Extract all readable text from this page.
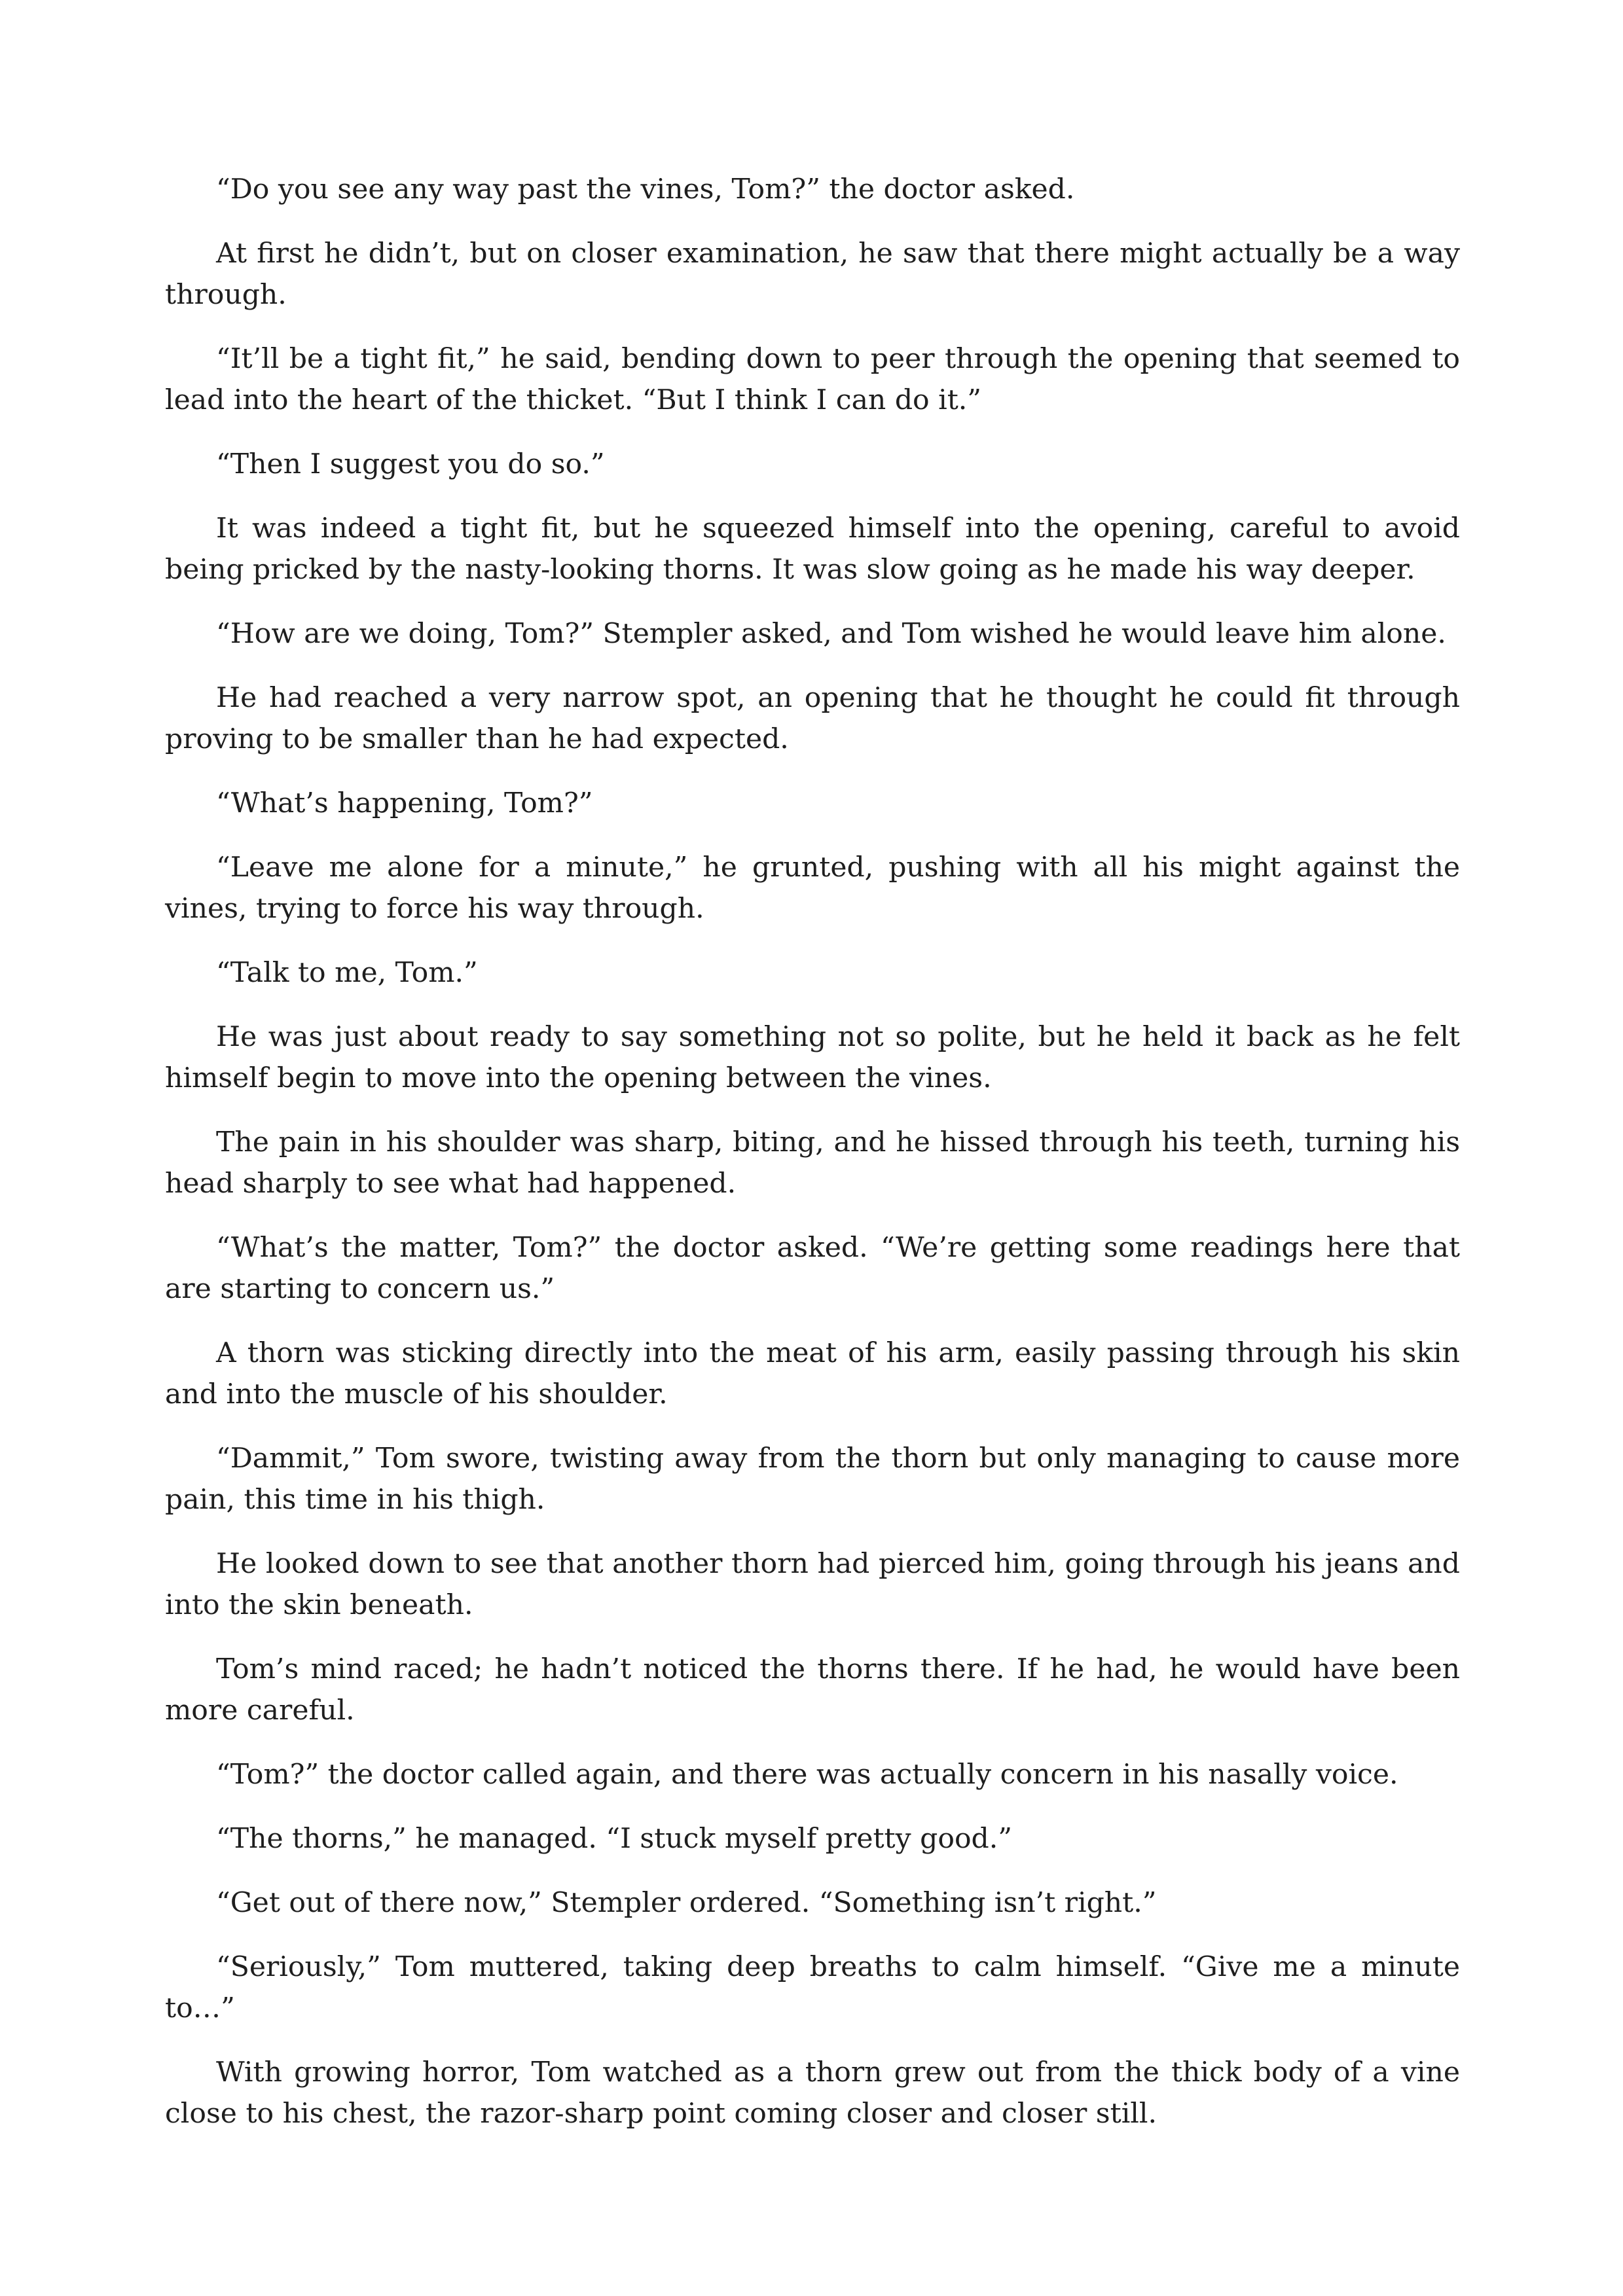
“Do you see any way past the vines, Tom?” the doctor asked.

At first he didn’t, but on closer examination, he saw that there might actually be a way through.

“It’ll be a tight fit,” he said, bending down to peer through the opening that seemed to lead into the heart of the thicket. “But I think I can do it.”

“Then I suggest you do so.”

It was indeed a tight fit, but he squeezed himself into the opening, careful to avoid being pricked by the nasty-looking thorns. It was slow going as he made his way deeper.

“How are we doing, Tom?” Stempler asked, and Tom wished he would leave him alone.

He had reached a very narrow spot, an opening that he thought he could fit through proving to be smaller than he had expected.

“What’s happening, Tom?”

“Leave me alone for a minute,” he grunted, pushing with all his might against the vines, trying to force his way through.

“Talk to me, Tom.”

He was just about ready to say something not so polite, but he held it back as he felt himself begin to move into the opening between the vines.

The pain in his shoulder was sharp, biting, and he hissed through his teeth, turning his head sharply to see what had happened.

“What’s the matter, Tom?” the doctor asked. “We’re getting some readings here that are starting to concern us.”

A thorn was sticking directly into the meat of his arm, easily passing through his skin and into the muscle of his shoulder.

“Dammit,” Tom swore, twisting away from the thorn but only managing to cause more pain, this time in his thigh.

He looked down to see that another thorn had pierced him, going through his jeans and into the skin beneath.

Tom’s mind raced; he hadn’t noticed the thorns there. If he had, he would have been more careful.

“Tom?” the doctor called again, and there was actually concern in his nasally voice.

“The thorns,” he managed. “I stuck myself pretty good.”

“Get out of there now,” Stempler ordered. “Something isn’t right.”

“Seriously,” Tom muttered, taking deep breaths to calm himself. “Give me a minute to…”

With growing horror, Tom watched as a thorn grew out from the thick body of a vine close to his chest, the razor-sharp point coming closer and closer still.
